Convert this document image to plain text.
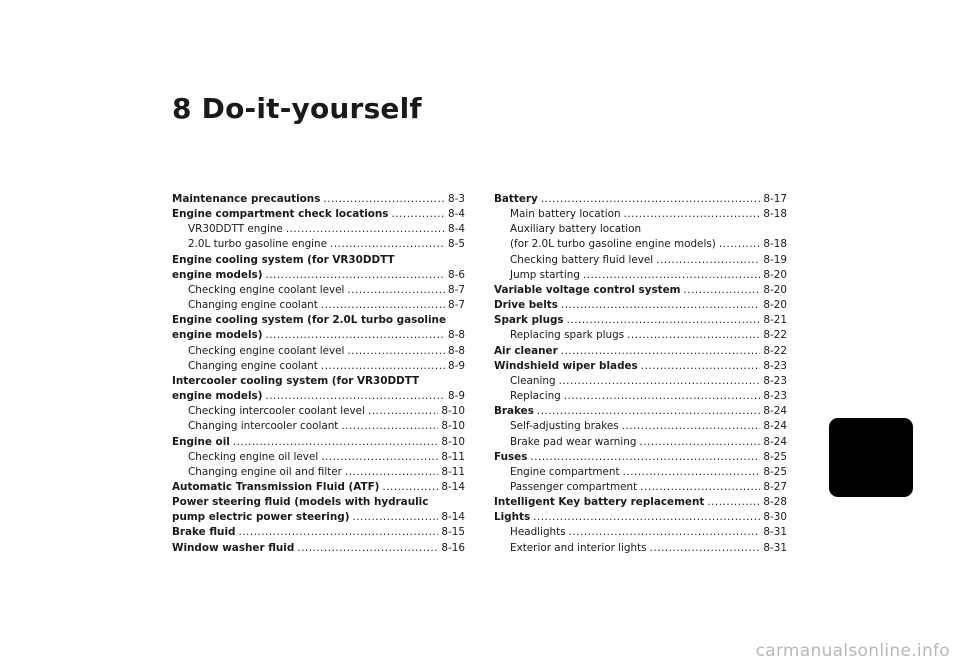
8 Do-it-yourself
Maintenance precautions .....	8-3
Engine compartment check locations .....	8-4
VR30DDTT engine .....	8-4
2.0L turbo gasoline engine .....	8-5
Engine cooling system (for VR30DDTT
engine models) .....	8-6
Checking engine coolant level .....	8-7
Changing engine coolant .....	8-7
Engine cooling system (for 2.0L turbo gasoline
engine models) .....	8-8
Checking engine coolant level .....	8-8
Changing engine coolant .....	8-9
Intercooler cooling system (for VR30DDTT
engine models) .....	8-9
Checking intercooler coolant level .....	8-10
Changing intercooler coolant .....	8-10
Engine oil .....	8-10
Checking engine oil level .....	8-11
Changing engine oil and filter .....	8-11
Automatic Transmission Fluid (ATF) .....	8-14
Power steering fluid (models with hydraulic
pump electric power steering) .....	8-14
Brake fluid .....	8-15
Window washer fluid .....	8-16
Battery .....	8-17
Main battery location .....	8-18
Auxiliary battery location
(for 2.0L turbo gasoline engine models) .....	8-18
Checking battery fluid level .....	8-19
Jump starting .....	8-20
Variable voltage control system .....	8-20
Drive belts .....	8-20
Spark plugs .....	8-21
Replacing spark plugs .....	8-22
Air cleaner .....	8-22
Windshield wiper blades .....	8-23
Cleaning .....	8-23
Replacing .....	8-23
Brakes .....	8-24
Self-adjusting brakes .....	8-24
Brake pad wear warning .....	8-24
Fuses .....	8-25
Engine compartment .....	8-25
Passenger compartment .....	8-27
Intelligent Key battery replacement .....	8-28
Lights .....	8-30
Headlights .....	8-31
Exterior and interior lights .....	8-31
carmanualsonline.info
